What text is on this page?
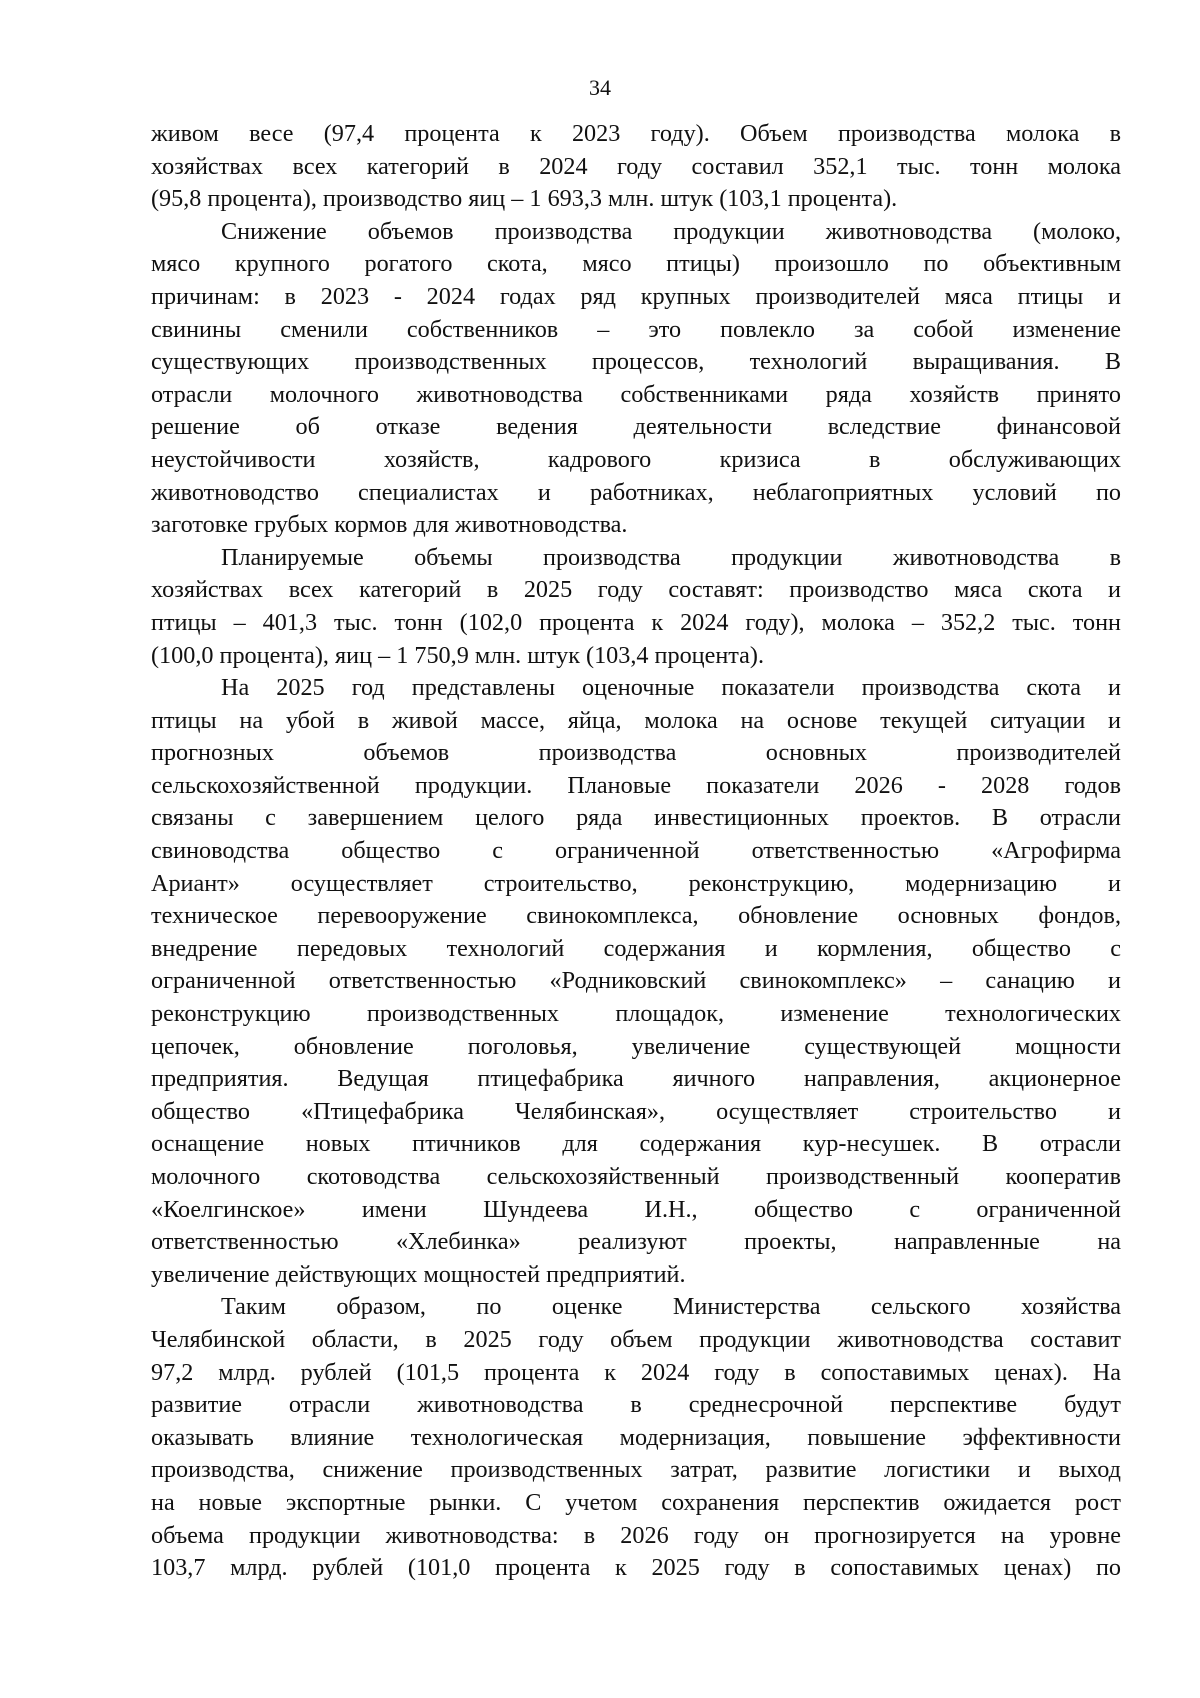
34
живом весе (97,4 процента к 2023 году). Объем производства молока в
хозяйствах всех категорий в 2024 году составил 352,1 тыс. тонн молока
(95,8 процента), производство яиц – 1 693,3 млн. штук (103,1 процента).
Снижение объемов производства продукции животноводства (молоко,
мясо крупного рогатого скота, мясо птицы) произошло по объективным
причинам: в 2023 - 2024 годах ряд крупных производителей мяса птицы и
свинины сменили собственников – это повлекло за собой изменение
существующих производственных процессов, технологий выращивания. В
отрасли молочного животноводства собственниками ряда хозяйств принято
решение об отказе ведения деятельности вследствие финансовой
неустойчивости хозяйств, кадрового кризиса в обслуживающих
животноводство специалистах и работниках, неблагоприятных условий по
заготовке грубых кормов для животноводства.
Планируемые объемы производства продукции животноводства в
хозяйствах всех категорий в 2025 году составят: производство мяса скота и
птицы – 401,3 тыс. тонн (102,0 процента к 2024 году), молока – 352,2 тыс. тонн
(100,0 процента), яиц – 1 750,9 млн. штук (103,4 процента).
На 2025 год представлены оценочные показатели производства скота и
птицы на убой в живой массе, яйца, молока на основе текущей ситуации и
прогнозных объемов производства основных производителей
сельскохозяйственной продукции. Плановые показатели 2026 - 2028 годов
связаны с завершением целого ряда инвестиционных проектов. В отрасли
свиноводства общество с ограниченной ответственностью «Агрофирма
Ариант» осуществляет строительство, реконструкцию, модернизацию и
техническое перевооружение свинокомплекса, обновление основных фондов,
внедрение передовых технологий содержания и кормления, общество с
ограниченной ответственностью «Родниковский свинокомплекс» – санацию и
реконструкцию производственных площадок, изменение технологических
цепочек, обновление поголовья, увеличение существующей мощности
предприятия. Ведущая птицефабрика яичного направления, акционерное
общество «Птицефабрика Челябинская», осуществляет строительство и
оснащение новых птичников для содержания кур-несушек. В отрасли
молочного скотоводства сельскохозяйственный производственный кооператив
«Коелгинское» имени Шундеева И.Н., общество с ограниченной
ответственностью «Хлебинка» реализуют проекты, направленные на
увеличение действующих мощностей предприятий.
Таким образом, по оценке Министерства сельского хозяйства
Челябинской области, в 2025 году объем продукции животноводства составит
97,2 млрд. рублей (101,5 процента к 2024 году в сопоставимых ценах). На
развитие отрасли животноводства в среднесрочной перспективе будут
оказывать влияние технологическая модернизация, повышение эффективности
производства, снижение производственных затрат, развитие логистики и выход
на новые экспортные рынки. С учетом сохранения перспектив ожидается рост
объема продукции животноводства: в 2026 году он прогнозируется на уровне
103,7 млрд. рублей (101,0 процента к 2025 году в сопоставимых ценах) по
